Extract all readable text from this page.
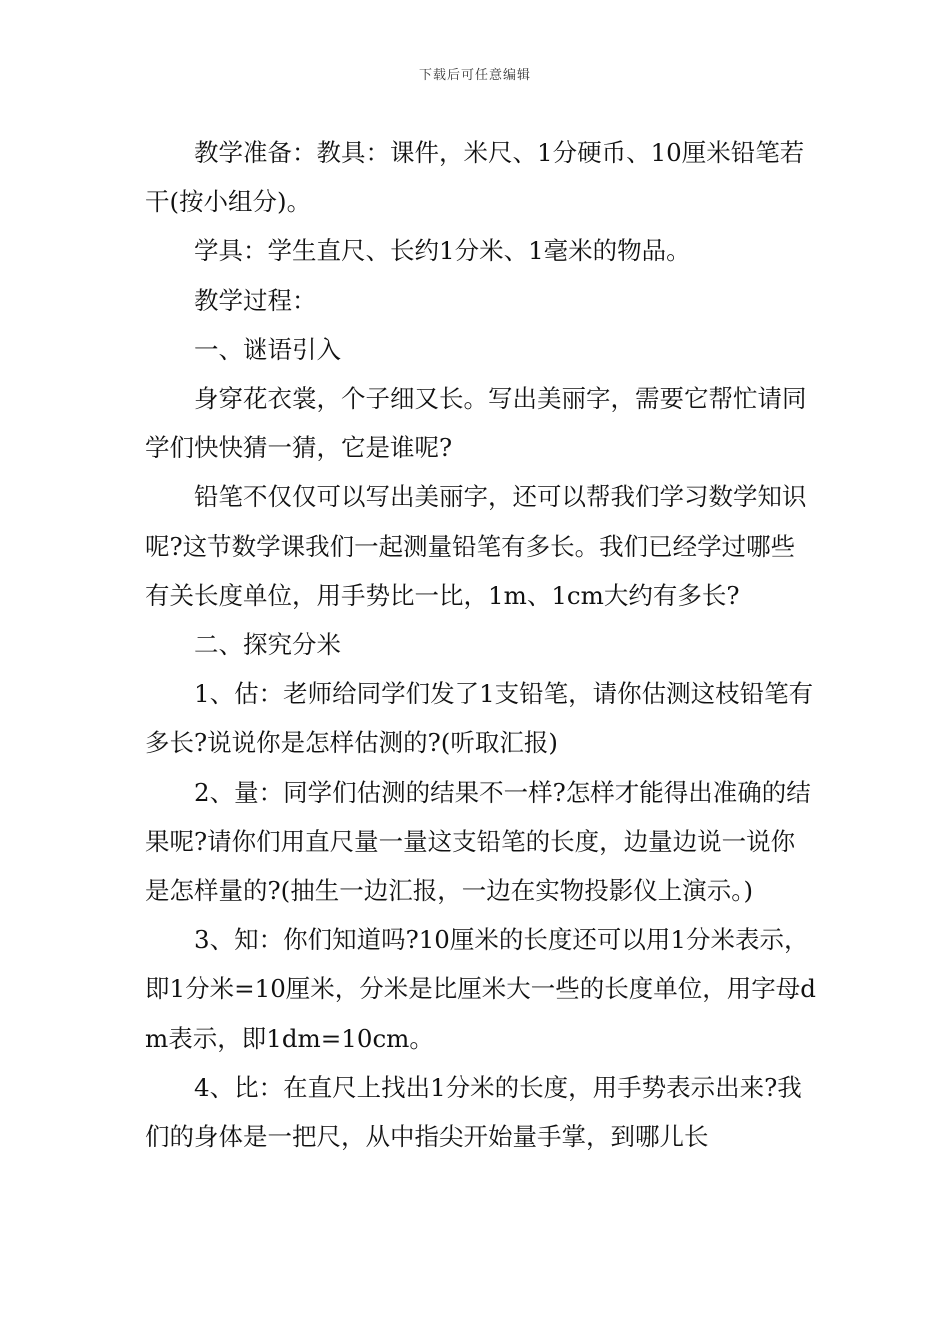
下载后可任意编辑

教学准备：教具：课件，米尺、1分硬币、10厘米铅笔若干(按小组分)。

学具：学生直尺、长约1分米、1毫米的物品。

教学过程：

一、谜语引入

身穿花衣裳，个子细又长。写出美丽字，需要它帮忙请同学们快快猜一猜，它是谁呢?

铅笔不仅仅可以写出美丽字，还可以帮我们学习数学知识呢?这节数学课我们一起测量铅笔有多长。我们已经学过哪些有关长度单位，用手势比一比，1m、1cm大约有多长?

二、探究分米

1、估：老师给同学们发了1支铅笔，请你估测这枝铅笔有多长?说说你是怎样估测的?(听取汇报)

2、量：同学们估测的结果不一样?怎样才能得出准确的结果呢?请你们用直尺量一量这支铅笔的长度，边量边说一说你是怎样量的?(抽生一边汇报，一边在实物投影仪上演示。)

3、知：你们知道吗?10厘米的长度还可以用1分米表示，即1分米=10厘米，分米是比厘米大一些的长度单位，用字母dm表示，即1dm=10cm。

4、比：在直尺上找出1分米的长度，用手势表示出来?我们的身体是一把尺，从中指尖开始量手掌，到哪儿长
